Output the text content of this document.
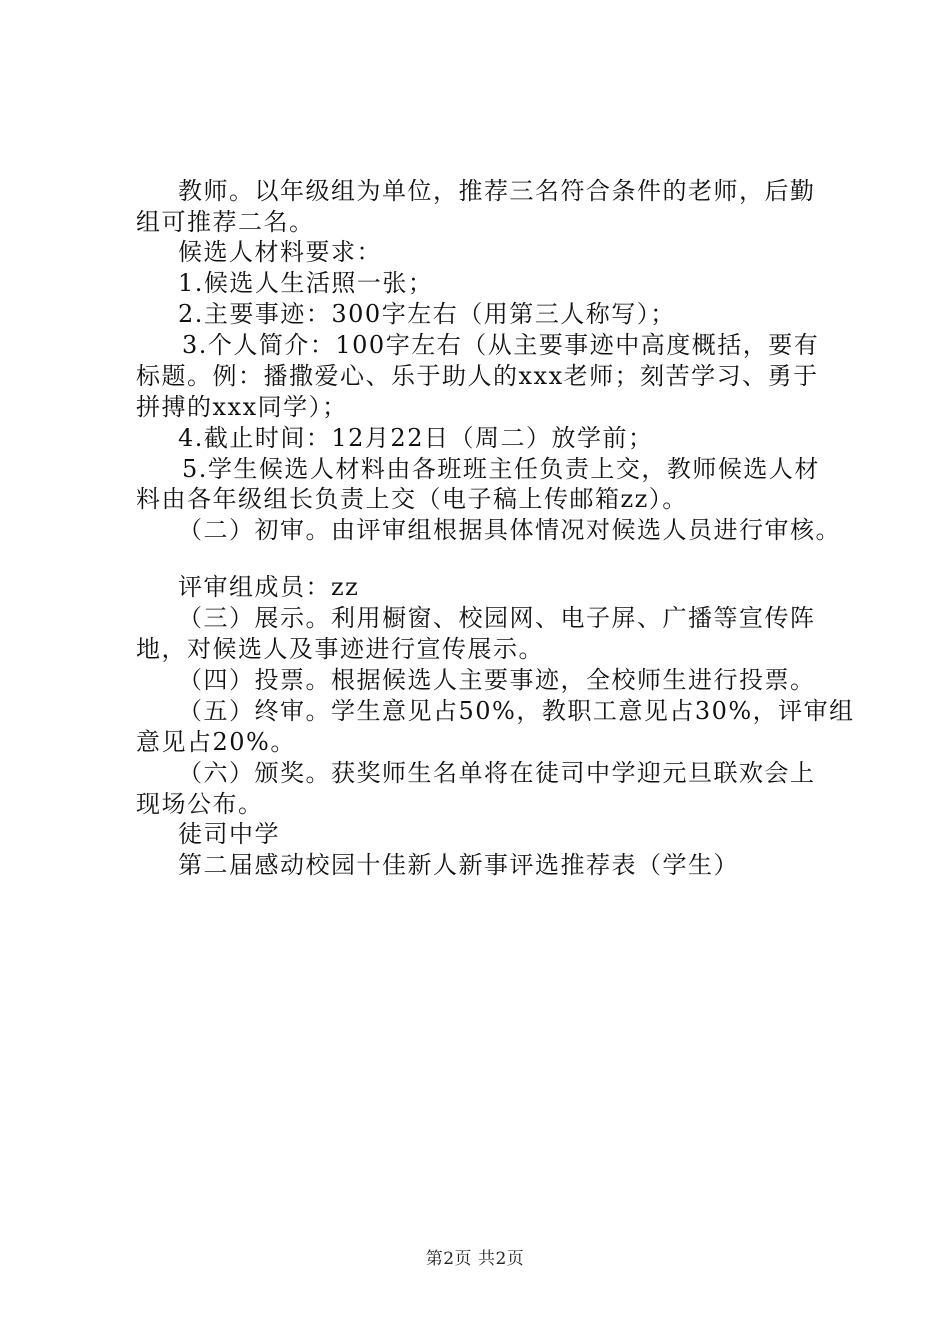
教师。以年级组为单位，推荐三名符合条件的老师，后勤
组可推荐二名。
候选人材料要求：
1.候选人生活照一张；
2.主要事迹：300字左右（用第三人称写）；
3.个人简介：100字左右（从主要事迹中高度概括，要有
标题。例：播撒爱心、乐于助人的xxx老师；刻苦学习、勇于
拼搏的xxx同学）；
4.截止时间：12月22日（周二）放学前；
5.学生候选人材料由各班班主任负责上交，教师候选人材
料由各年级组长负责上交（电子稿上传邮箱zz）。
（二）初审。由评审组根据具体情况对候选人员进行审核。
评审组成员：zz
（三）展示。利用橱窗、校园网、电子屏、广播等宣传阵
地，对候选人及事迹进行宣传展示。
（四）投票。根据候选人主要事迹，全校师生进行投票。
（五）终审。学生意见占50%，教职工意见占30%，评审组
意见占20%。
（六）颁奖。获奖师生名单将在徒司中学迎元旦联欢会上
现场公布。
徒司中学
第二届感动校园十佳新人新事评选推荐表（学生）
第2页 共2页
